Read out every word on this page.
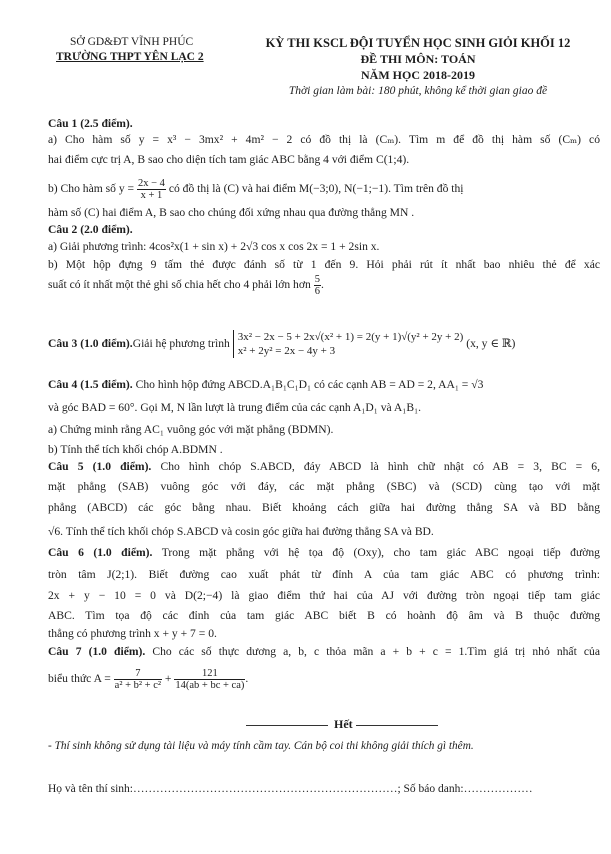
SỞ GD&ĐT VĨNH PHÚC
TRƯỜNG THPT YÊN LẠC 2
KỲ THI KSCL ĐỘI TUYỂN HỌC SINH GIỎI KHỐI 12
ĐỀ THI MÔN: TOÁN
NĂM HỌC 2018-2019
Thời gian làm bài: 180 phút, không kể thời gian giao đề
Câu 1 (2.5 điểm).
a) Cho hàm số y = x³ − 3mx² + 4m² − 2 có đồ thị là (Cₘ). Tìm m để đồ thị hàm số (Cₘ) có
hai điểm cực trị A, B sao cho diện tích tam giác ABC bằng 4 với điểm C(1;4).
b) Cho hàm số $y = \frac{2x - 4}{x + 1}$ có đồ thị là (C) và hai điểm M(−3;0), N(−1;−1). Tìm trên đồ thị
hàm số (C) hai điểm A, B sao cho chúng đối xứng nhau qua đường thẳng MN .
Câu 2 (2.0 điểm).
a) Giải phương trình: 4cos²x(1 + sin x) + 2√3 cos x cos 2x = 1 + 2sin x.
b) Một hộp đựng 9 tấm thẻ được đánh số từ 1 đến 9. Hỏi phải rút ít nhất bao nhiêu thẻ để xác
suất có ít nhất một thẻ ghi số chia hết cho 4 phải lớn hơn $\frac{5}{6}$ .
Câu 3 (1.0 điểm).Giải hệ phương trình 3x² − 2x − 5 + 2x√(x² + 1) = 2(y + 1)√(y² + 2y + 2)
x² + 2y² = 2x − 4y + 3
(x, y ∈ ℝ)
Câu 4 (1.5 điểm). Cho hình hộp đứng ABCD.A₁B₁C₁D₁ có các cạnh AB = AD = 2, AA₁ = √3
và góc BAD = 60°. Gọi M, N lần lượt là trung điểm của các cạnh A₁D₁ và A₁B₁.
a) Chứng minh rằng AC₁ vuông góc với mặt phẳng (BDMN).
b) Tính thể tích khối chóp A.BDMN .
Câu 5 (1.0 điểm). Cho hình chóp S.ABCD, đáy ABCD là hình chữ nhật có AB = 3, BC = 6,
mặt phẳng (SAB) vuông góc với đáy, các mặt phẳng (SBC) và (SCD) cùng tạo với mặt
phẳng (ABCD) các góc bằng nhau. Biết khoảng cách giữa hai đường thẳng SA và BD bằng
√6. Tính thể tích khối chóp S.ABCD và cosin góc giữa hai đường thẳng SA và BD.
Câu 6 (1.0 điểm). Trong mặt phẳng với hệ tọa độ (Oxy), cho tam giác ABC ngoại tiếp đường
tròn tâm J(2;1). Biết đường cao xuất phát từ đỉnh A của tam giác ABC có phương trình:
2x + y − 10 = 0 và D(2;−4) là giao điểm thứ hai của AJ với đường tròn ngoại tiếp tam giác
ABC. Tìm tọa độ các đỉnh của tam giác ABC biết B có hoành độ âm và B thuộc đường
thẳng có phương trình x + y + 7 = 0.
Câu 7 (1.0 điểm). Cho các số thực dương a, b, c thỏa mãn a + b + c = 1.Tìm giá trị nhỏ nhất của
biểu thức $A = \frac{7}{\text{a² + b² + c²}} + \frac{121}{14(ab + bc + ca)}$ .
Hết
- Thí sinh không sử dụng tài liệu và máy tính cầm tay. Cán bộ coi thi không giải thích gì thêm.
Họ và tên thí sinh:……………………………………………………………; Số báo danh:………………
